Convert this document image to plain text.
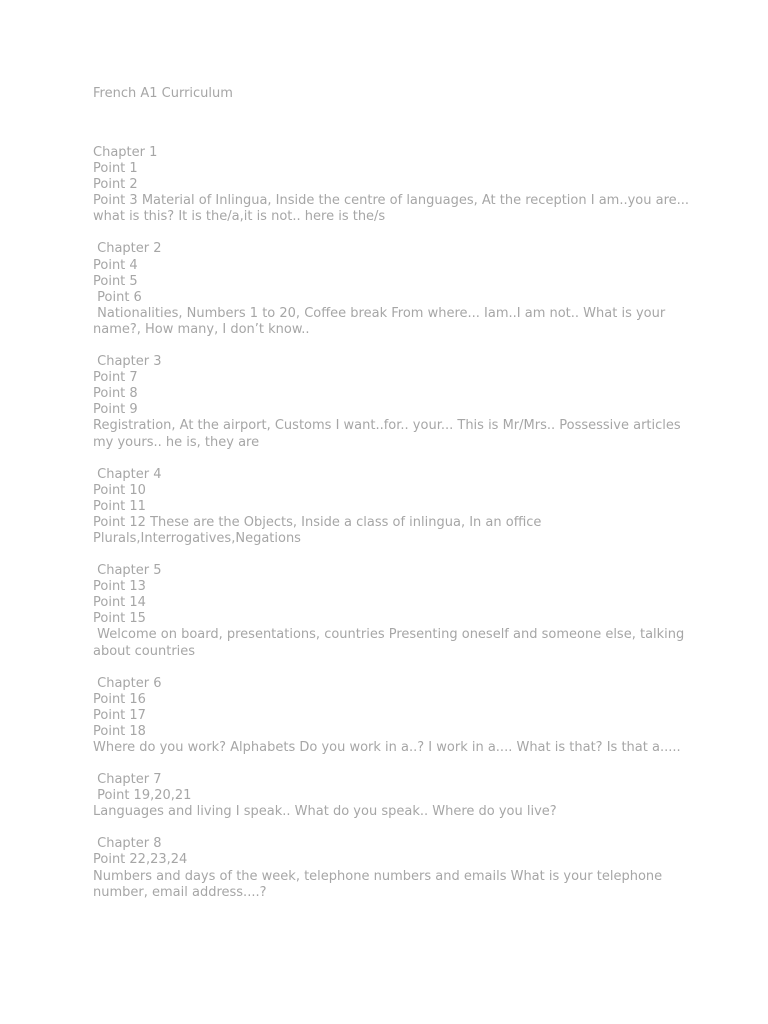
French A1 Curriculum

Chapter 1

Point 1

Point 2

Point 3 Material of Inlingua, Inside the centre of languages, At the reception I am..you are... what is this? It is the/a,it is not.. here is the/s

Chapter 2

Point 4

Point 5

Point 6

Nationalities, Numbers 1 to 20, Coffee break From where... Iam..I am not.. What is your name?, How many, I don’t know..

Chapter 3

Point 7

Point 8

Point 9

Registration, At the airport, Customs I want..for.. your... This is Mr/Mrs.. Possessive articles my yours.. he is, they are

Chapter 4

Point 10

Point 11

Point 12 These are the Objects, Inside a class of inlingua, In an office Plurals,Interrogatives,Negations

Chapter 5

Point 13

Point 14

Point 15

Welcome on board, presentations, countries Presenting oneself and someone else, talking about countries

Chapter 6

Point 16

Point 17

Point 18

Where do you work? Alphabets Do you work in a..? I work in a.... What is that? Is that a.....

Chapter 7

Point 19,20,21

Languages and living I speak.. What do you speak.. Where do you live?

Chapter 8

Point 22,23,24

Numbers and days of the week, telephone numbers and emails What is your telephone number, email address....?
